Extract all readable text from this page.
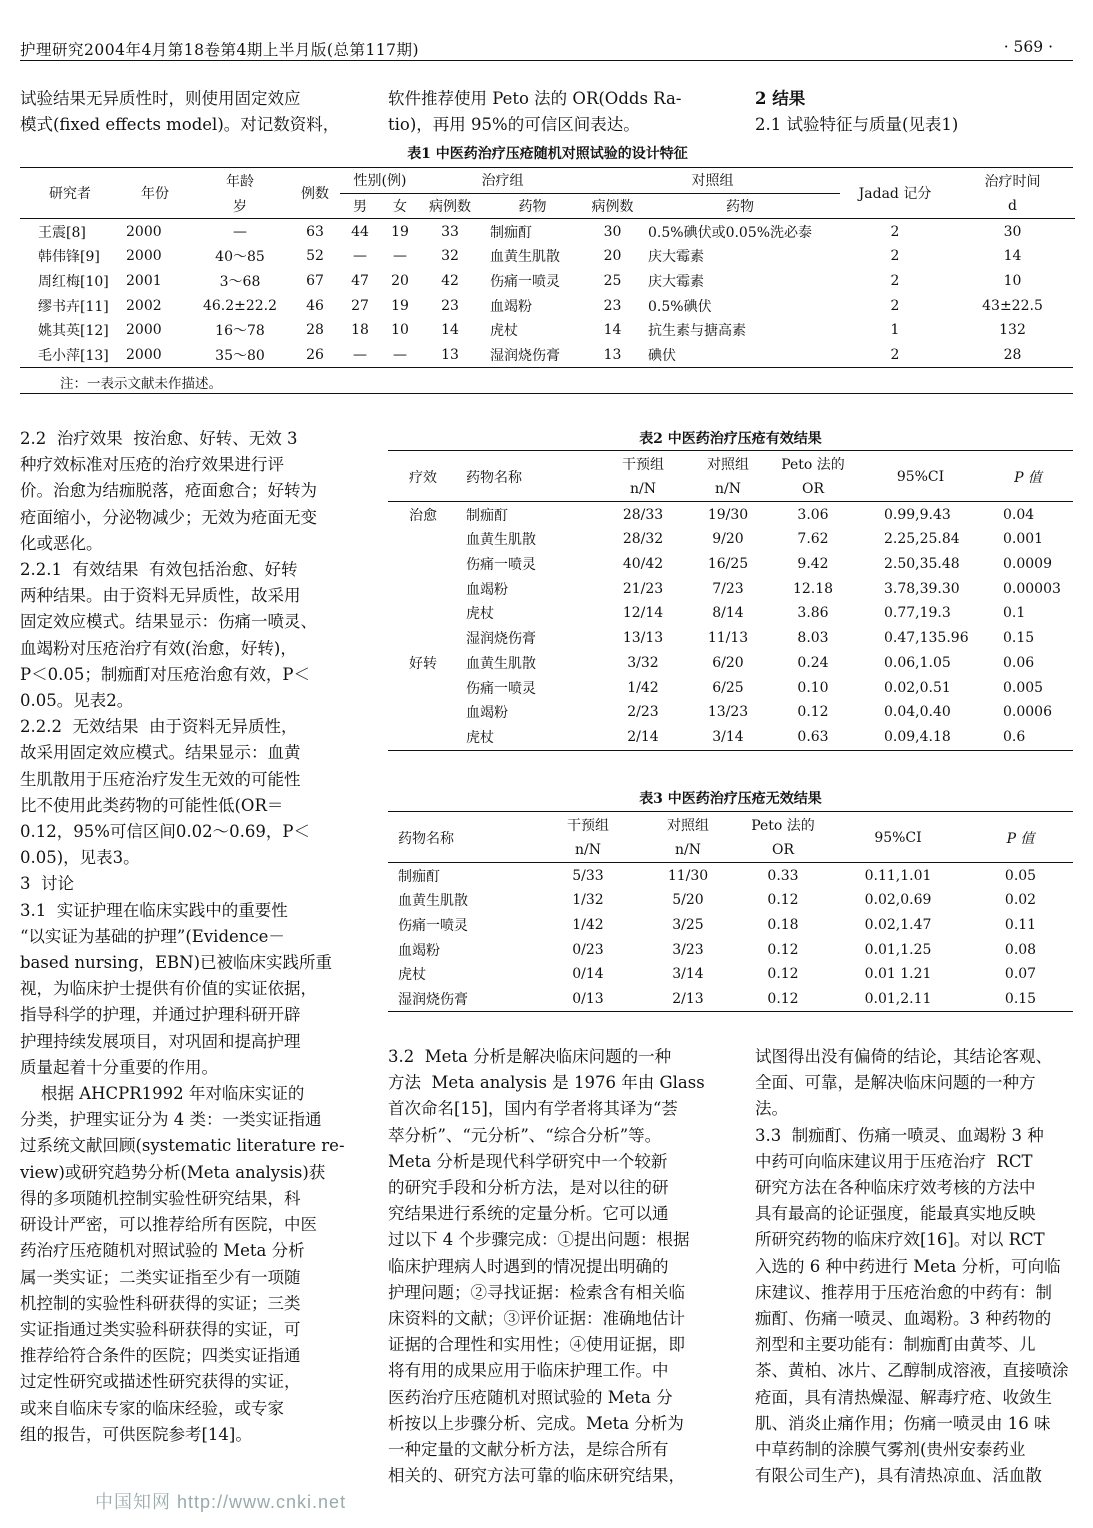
护理研究2004年4月第18卷第4期上半月版(总第117期)	· 569 ·
试验结果无异质性时，则使用固定效应
模式(fixed effects model)。对记数资料，
软件推荐使用 Peto 法的 OR(Odds Ra-
tio)，再用 95%的可信区间表达。
2 结果
2.1 试验特征与质量(见表1)
表1 中医药治疗压疮随机对照试验的设计特征
研究者	年份	年龄	例数	性别(例)		治疗组		对照组		Jadad 记分	治疗时间
		岁		男	女	病例数	药物	病例数	药物		d
王震[8]	2000	—	63	44	19	33	制痂酊	30	0.5%碘伏或0.05%洗必泰	2	30
韩伟锋[9]	2000	40～85	52	—	—	32	血黄生肌散	20	庆大霉素	2	14
周红梅[10]	2001	3～68	67	47	20	42	伤痛一喷灵	25	庆大霉素	2	10
缪书卉[11]	2002	46.2±22.2	46	27	19	23	血竭粉	23	0.5%碘伏	2	43±22.5
姚其英[12]	2000	16～78	28	18	10	14	虎杖	14	抗生素与搪高素	1	132
毛小萍[13]	2000	35～80	26	—	—	13	湿润烧伤膏	13	碘伏	2	28
注：一表示文献未作描述。
2.2  治疗效果  按治愈、好转、无效 3
种疗效标准对压疮的治疗效果进行评
价。治愈为结痂脱落，疮面愈合；好转为
疮面缩小，分泌物减少；无效为疮面无变
化或恶化。
2.2.1  有效结果  有效包括治愈、好转
两种结果。由于资料无异质性，故采用
固定效应模式。结果显示：伤痛一喷灵、
血竭粉对压疮治疗有效(治愈，好转)，
P＜0.05；制痂酊对压疮治愈有效，P＜
0.05。见表2。
2.2.2  无效结果  由于资料无异质性，
故采用固定效应模式。结果显示：血黄
生肌散用于压疮治疗发生无效的可能性
比不使用此类药物的可能性低(OR＝
0.12，95%可信区间0.02～0.69，P＜
0.05)，见表3。
3  讨论
3.1  实证护理在临床实践中的重要性
“以实证为基础的护理”(Evidence－
based nursing，EBN)已被临床实践所重
视，为临床护士提供有价值的实证依据，
指导科学的护理，并通过护理科研开辟
护理持续发展项目，对巩固和提高护理
质量起着十分重要的作用。
根据 AHCPR1992 年对临床实证的
分类，护理实证分为 4 类：一类实证指通
过系统文献回顾(systematic literature re-
view)或研究趋势分析(Meta analysis)获
得的多项随机控制实验性研究结果，科
研设计严密，可以推荐给所有医院，中医
药治疗压疮随机对照试验的 Meta 分析
属一类实证；二类实证指至少有一项随
机控制的实验性科研获得的实证；三类
实证指通过类实验科研获得的实证，可
推荐给符合条件的医院；四类实证指通
过定性研究或描述性研究获得的实证，
或来自临床专家的临床经验，或专家
组的报告，可供医院参考[14]。
表2 中医药治疗压疮有效结果
疗效	药物名称	干预组	对照组	Peto 法的	95%CI	P 值
		n/N	n/N	OR		
治愈	制痂酊	28/33	19/30	3.06	0.99,9.43	0.04
	血黄生肌散	28/32	9/20	7.62	2.25,25.84	0.001
	伤痛一喷灵	40/42	16/25	9.42	2.50,35.48	0.0009
	血竭粉	21/23	7/23	12.18	3.78,39.30	0.00003
	虎杖	12/14	8/14	3.86	0.77,19.3	0.1
	湿润烧伤膏	13/13	11/13	8.03	0.47,135.96	0.15
好转	血黄生肌散	3/32	6/20	0.24	0.06,1.05	0.06
	伤痛一喷灵	1/42	6/25	0.10	0.02,0.51	0.005
	血竭粉	2/23	13/23	0.12	0.04,0.40	0.0006
	虎杖	2/14	3/14	0.63	0.09,4.18	0.6
表3 中医药治疗压疮无效结果
药物名称	干预组	对照组	Peto 法的	95%CI	P 值
	n/N	n/N	OR		
制痂酊	5/33	11/30	0.33	0.11,1.01	0.05
血黄生肌散	1/32	5/20	0.12	0.02,0.69	0.02
伤痛一喷灵	1/42	3/25	0.18	0.02,1.47	0.11
血竭粉	0/23	3/23	0.12	0.01,1.25	0.08
虎杖	0/14	3/14	0.12	0.01 1.21	0.07
湿润烧伤膏	0/13	2/13	0.12	0.01,2.11	0.15
3.2  Meta 分析是解决临床问题的一种
方法  Meta analysis 是 1976 年由 Glass
首次命名[15]，国内有学者将其译为“荟
萃分析”、“元分析”、“综合分析”等。
Meta 分析是现代科学研究中一个较新
的研究手段和分析方法，是对以往的研
究结果进行系统的定量分析。它可以通
过以下 4 个步骤完成：①提出问题：根据
临床护理病人时遇到的情况提出明确的
护理问题；②寻找证据：检索含有相关临
床资料的文献；③评价证据：准确地估计
证据的合理性和实用性；④使用证据，即
将有用的成果应用于临床护理工作。中
医药治疗压疮随机对照试验的 Meta 分
析按以上步骤分析、完成。Meta 分析为
一种定量的文献分析方法，是综合所有
相关的、研究方法可靠的临床研究结果，
试图得出没有偏倚的结论，其结论客观、
全面、可靠，是解决临床问题的一种方
法。
3.3  制痂酊、伤痛一喷灵、血竭粉 3 种
中药可向临床建议用于压疮治疗  RCT
研究方法在各种临床疗效考核的方法中
具有最高的论证强度，能最真实地反映
所研究药物的临床疗效[16]。对以 RCT
入选的 6 种中药进行 Meta 分析，可向临
床建议、推荐用于压疮治愈的中药有：制
痂酊、伤痛一喷灵、血竭粉。3 种药物的
剂型和主要功能有：制痂酊由黄芩、儿
茶、黄柏、冰片、乙醇制成溶液，直接喷涂
疮面，具有清热燥湿、解毒疗疮、收敛生
肌、消炎止痛作用；伤痛一喷灵由 16 味
中草药制的涂膜气雾剂(贵州安泰药业
有限公司生产)，具有清热凉血、活血散
中国知网 http://www.cnki.net
